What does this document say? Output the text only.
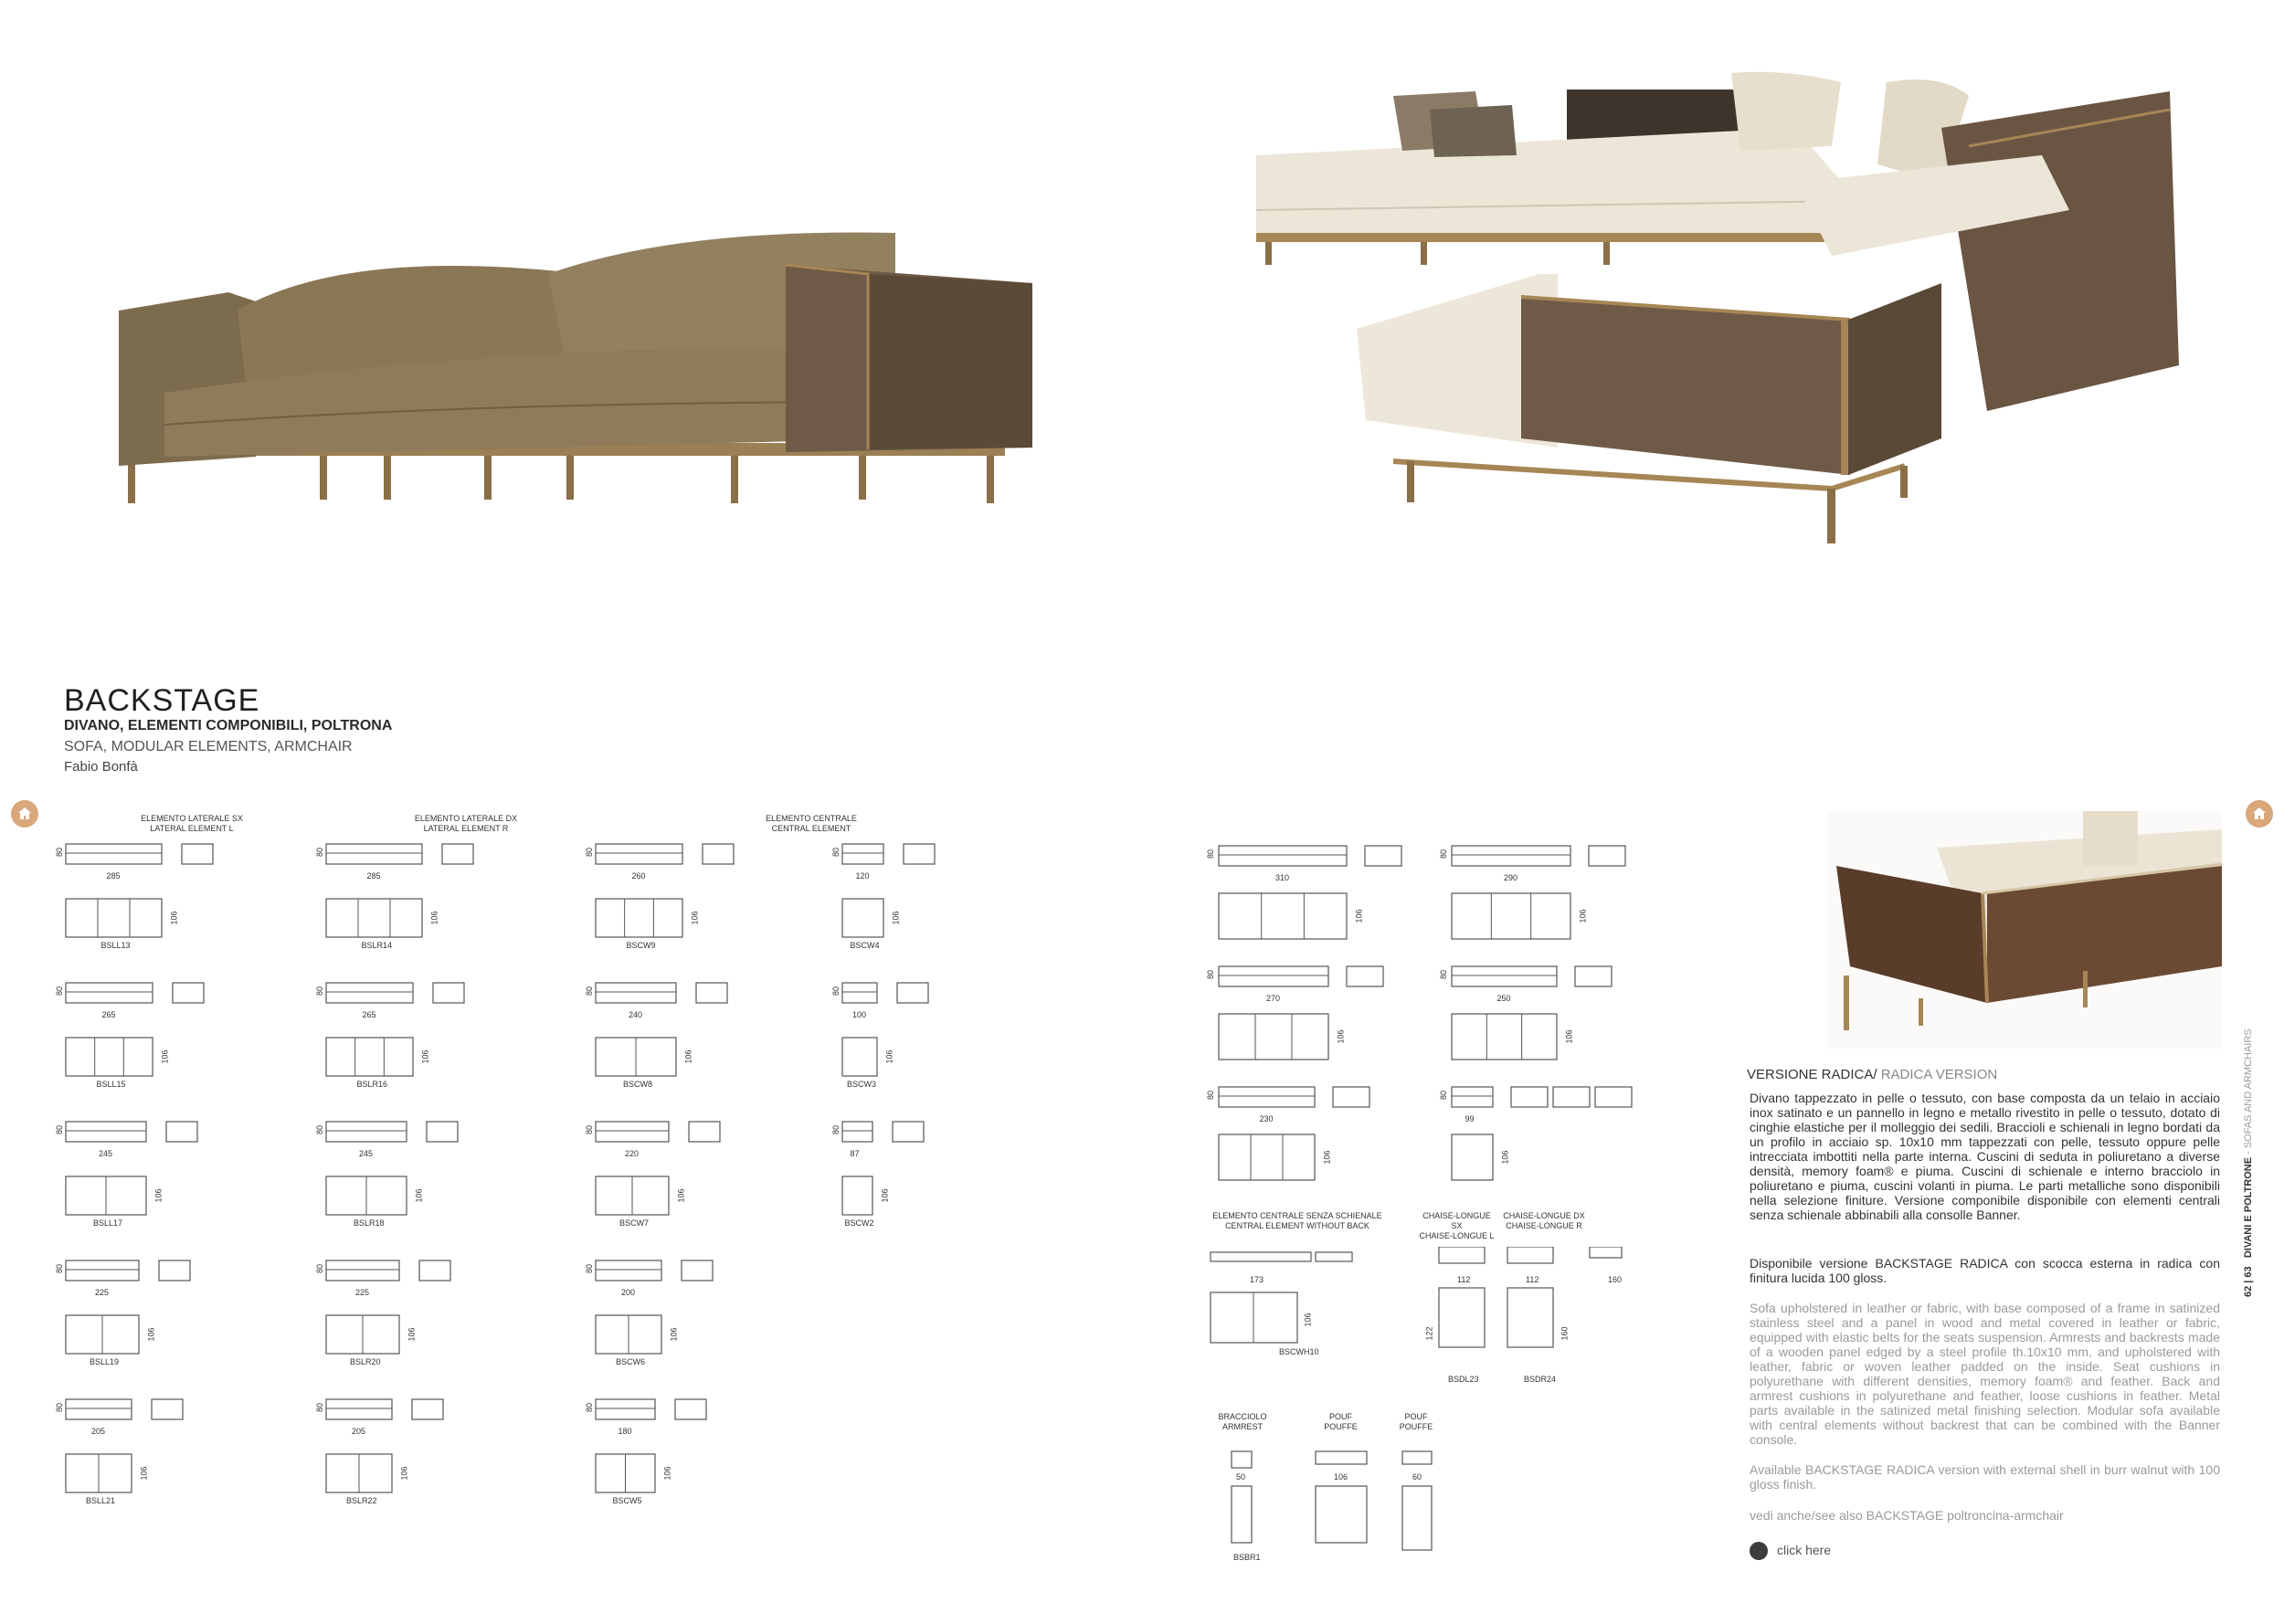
BACKSTAGE
DIVANO, ELEMENTI COMPONIBILI, POLTRONA
SOFA, MODULAR ELEMENTS, ARMCHAIR
Fabio Bonfà
ELEMENTO LATERALE SX
LATERAL ELEMENT L
ELEMENTO LATERALE DX
LATERAL ELEMENT R
ELEMENTO CENTRALE
CENTRAL ELEMENT
285
80
106
BSLL13
285
80
106
BSLR14
260
80
106
BSCW9
120
80
106
BSCW4
265
80
106
BSLL15
265
80
106
BSLR16
240
80
106
BSCW8
100
80
106
BSCW3
245
80
106
BSLL17
245
80
106
BSLR18
220
80
106
BSCW7
87
80
106
BSCW2
225
80
106
BSLL19
225
80
106
BSLR20
200
80
106
BSCW6
205
80
106
BSLL21
205
80
106
BSLR22
180
80
106
BSCW5
310
80
106
290
80
106
270
80
106
250
80
106
230
80
106
99
80
106
ELEMENTO CENTRALE SENZA SCHIENALE
CENTRAL ELEMENT WITHOUT BACK
CHAISE-LONGUE SX
CHAISE-LONGUE L
CHAISE-LONGUE DX
CHAISE-LONGUE R
BRACCIOLO
ARMREST
POUF
POUFFE
POUF
POUFFE
173
106
BSCWH10
112
122
BSDL23
112
160
BSDR24
160
50
BSBR1
106	60
VERSIONE RADICA/ RADICA VERSION
Divano tappezzato in pelle o tessuto, con base composta da un telaio in acciaio inox satinato e un pannello in legno e metallo rivestito in pelle o tessuto, dotato di cinghie elastiche per il molleggio dei sedili. Braccioli e schienali in legno bordati da un profilo in acciaio sp. 10x10 mm tappezzati con pelle, tessuto oppure pelle intrecciata imbottiti nella parte interna. Cuscini di seduta in poliuretano a diverse densità, memory foam® e piuma. Cuscini di schienale e interno bracciolo in poliuretano e piuma, cuscini volanti in piuma. Le parti metalliche sono disponibili nella selezione finiture. Versione componibile disponibile con elementi centrali senza schienale abbinabili alla consolle Banner.
Disponibile versione BACKSTAGE RADICA con scocca esterna in radica con finitura lucida 100 gloss.
Sofa upholstered in leather or fabric, with base composed of a frame in satinized stainless steel and a panel in wood and metal covered in leather or fabric, equipped with elastic belts for the seats suspension. Armrests and backrests made of a wooden panel edged by a steel profile th.10x10 mm, and upholstered with leather, fabric or woven leather padded on the inside. Seat cushions in polyurethane with different densities, memory foam® and feather. Back and armrest cushions in polyurethane and feather, loose cushions in feather. Metal parts available in the satinized metal finishing selection. Modular sofa available with central elements without backrest that can be combined with the Banner console.
Available BACKSTAGE RADICA version with external shell in burr walnut with 100 gloss finish.
vedi anche/see also BACKSTAGE poltroncina-armchair
click here
62 | 63   DIVANI E POLTRONE - SOFAS AND ARMCHAIRS
